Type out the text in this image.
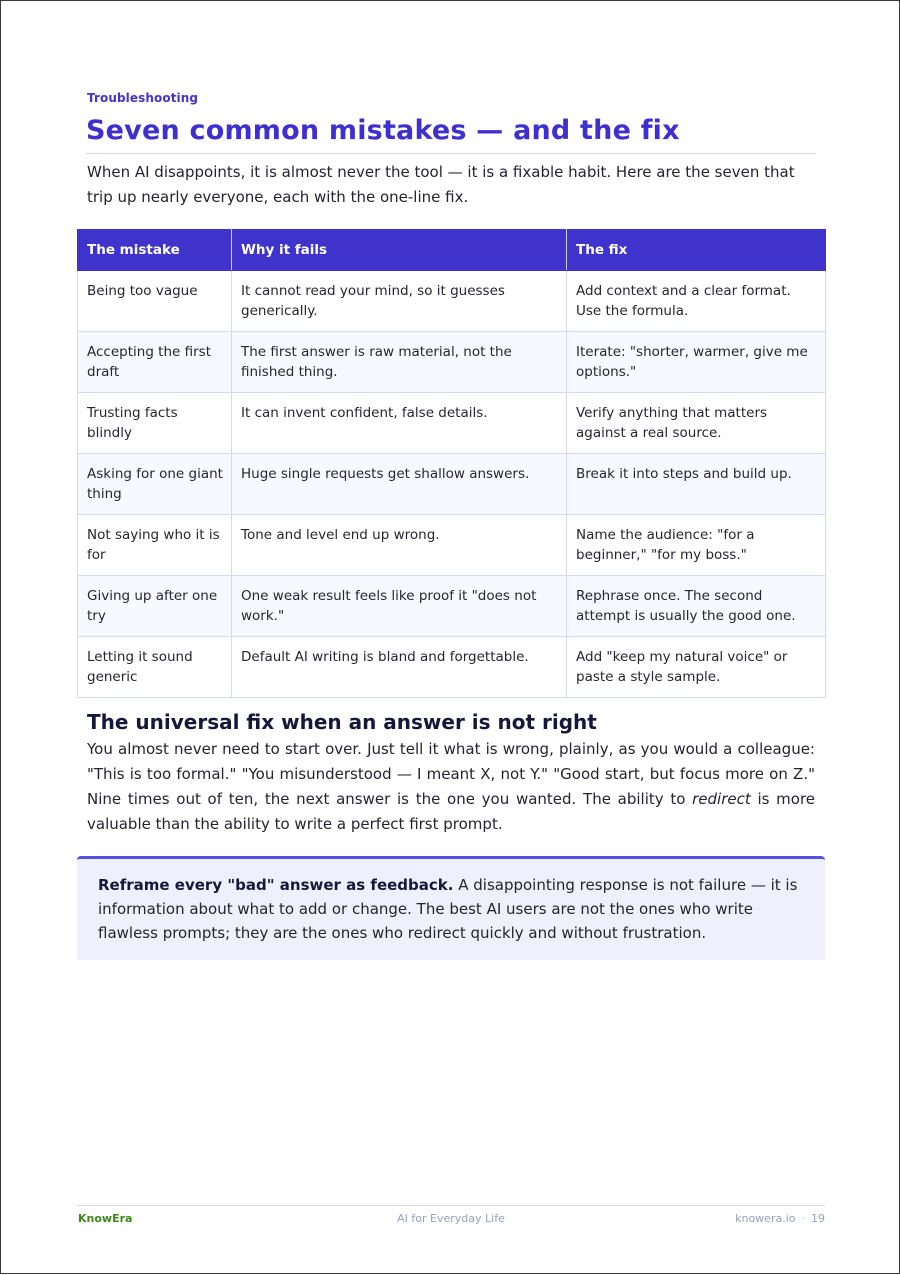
Troubleshooting
Seven common mistakes — and the fix

When AI disappoints, it is almost never the tool — it is a fixable habit. Here are the seven that trip up nearly everyone, each with the one-line fix.

The mistake	Why it fails	The fix
Being too vague	It cannot read your mind, so it guesses generically.	Add context and a clear format. Use the formula.
Accepting the first draft	The first answer is raw material, not the finished thing.	Iterate: "shorter, warmer, give me options."
Trusting facts blindly	It can invent confident, false details.	Verify anything that matters against a real source.
Asking for one giant thing	Huge single requests get shallow answers.	Break it into steps and build up.
Not saying who it is for	Tone and level end up wrong.	Name the audience: "for a beginner," "for my boss."
Giving up after one try	One weak result feels like proof it "does not work."	Rephrase once. The second attempt is usually the good one.
Letting it sound generic	Default AI writing is bland and forgettable.	Add "keep my natural voice" or paste a style sample.
The universal fix when an answer is not right

You almost never need to start over. Just tell it what is wrong, plainly, as you would a colleague: "This is too formal." "You misunderstood — I meant X, not Y." "Good start, but focus more on Z." Nine times out of ten, the next answer is the one you wanted. The ability to redirect is more valuable than the ability to write a perfect first prompt.

Reframe every "bad" answer as feedback. A disappointing response is not failure — it is information about what to add or change. The best AI users are not the ones who write flawless prompts; they are the ones who redirect quickly and without frustration.

KnowEra	AI for Everyday Life	knowera.io · 19
